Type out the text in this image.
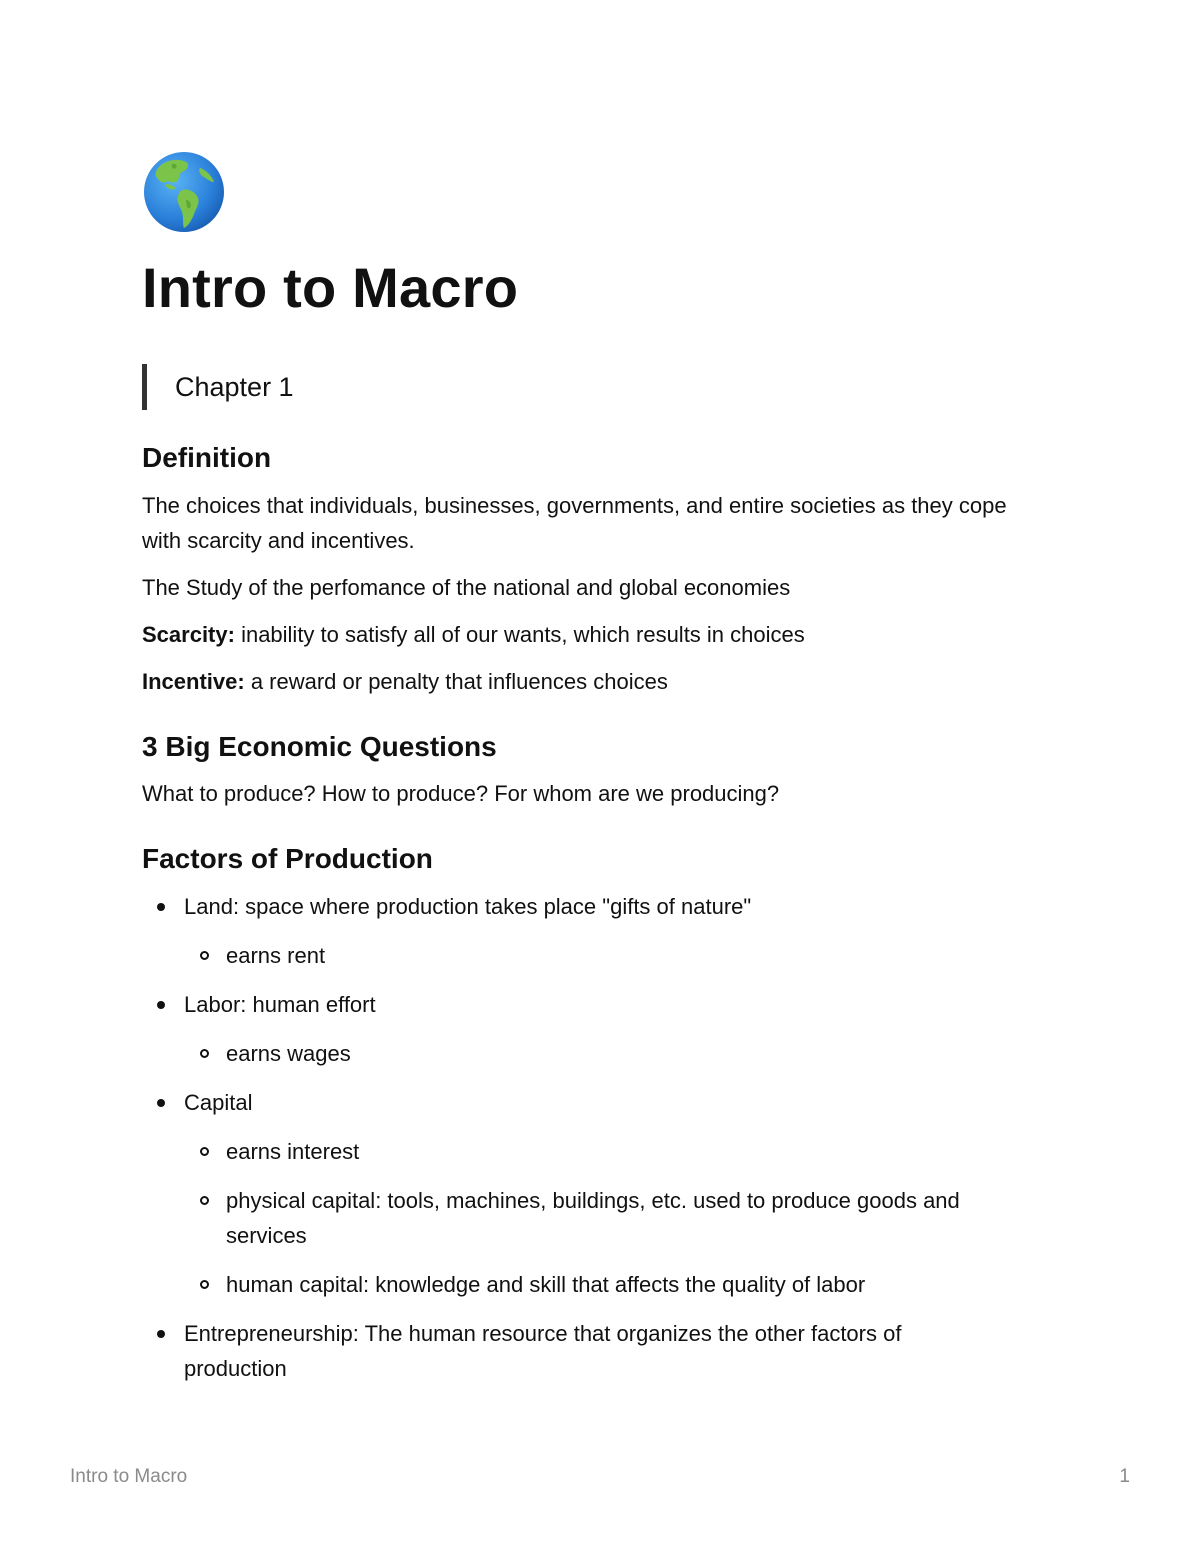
Intro to Macro
Chapter 1
Definition

The choices that individuals, businesses, governments, and entire societies as they cope with scarcity and incentives.

The Study of the perfomance of the national and global economies

Scarcity: inability to satisfy all of our wants, which results in choices

Incentive: a reward or penalty that influences choices

3 Big Economic Questions

What to produce? How to produce? For whom are we producing?

Factors of Production
Land: space where production takes place "gifts of nature"
earns rent
Labor: human effort
earns wages
Capital
earns interest
physical capital: tools, machines, buildings, etc. used to produce goods and services
human capital: knowledge and skill that affects the quality of labor
Entrepreneurship: The human resource that organizes the other factors of production
Intro to Macro	1
